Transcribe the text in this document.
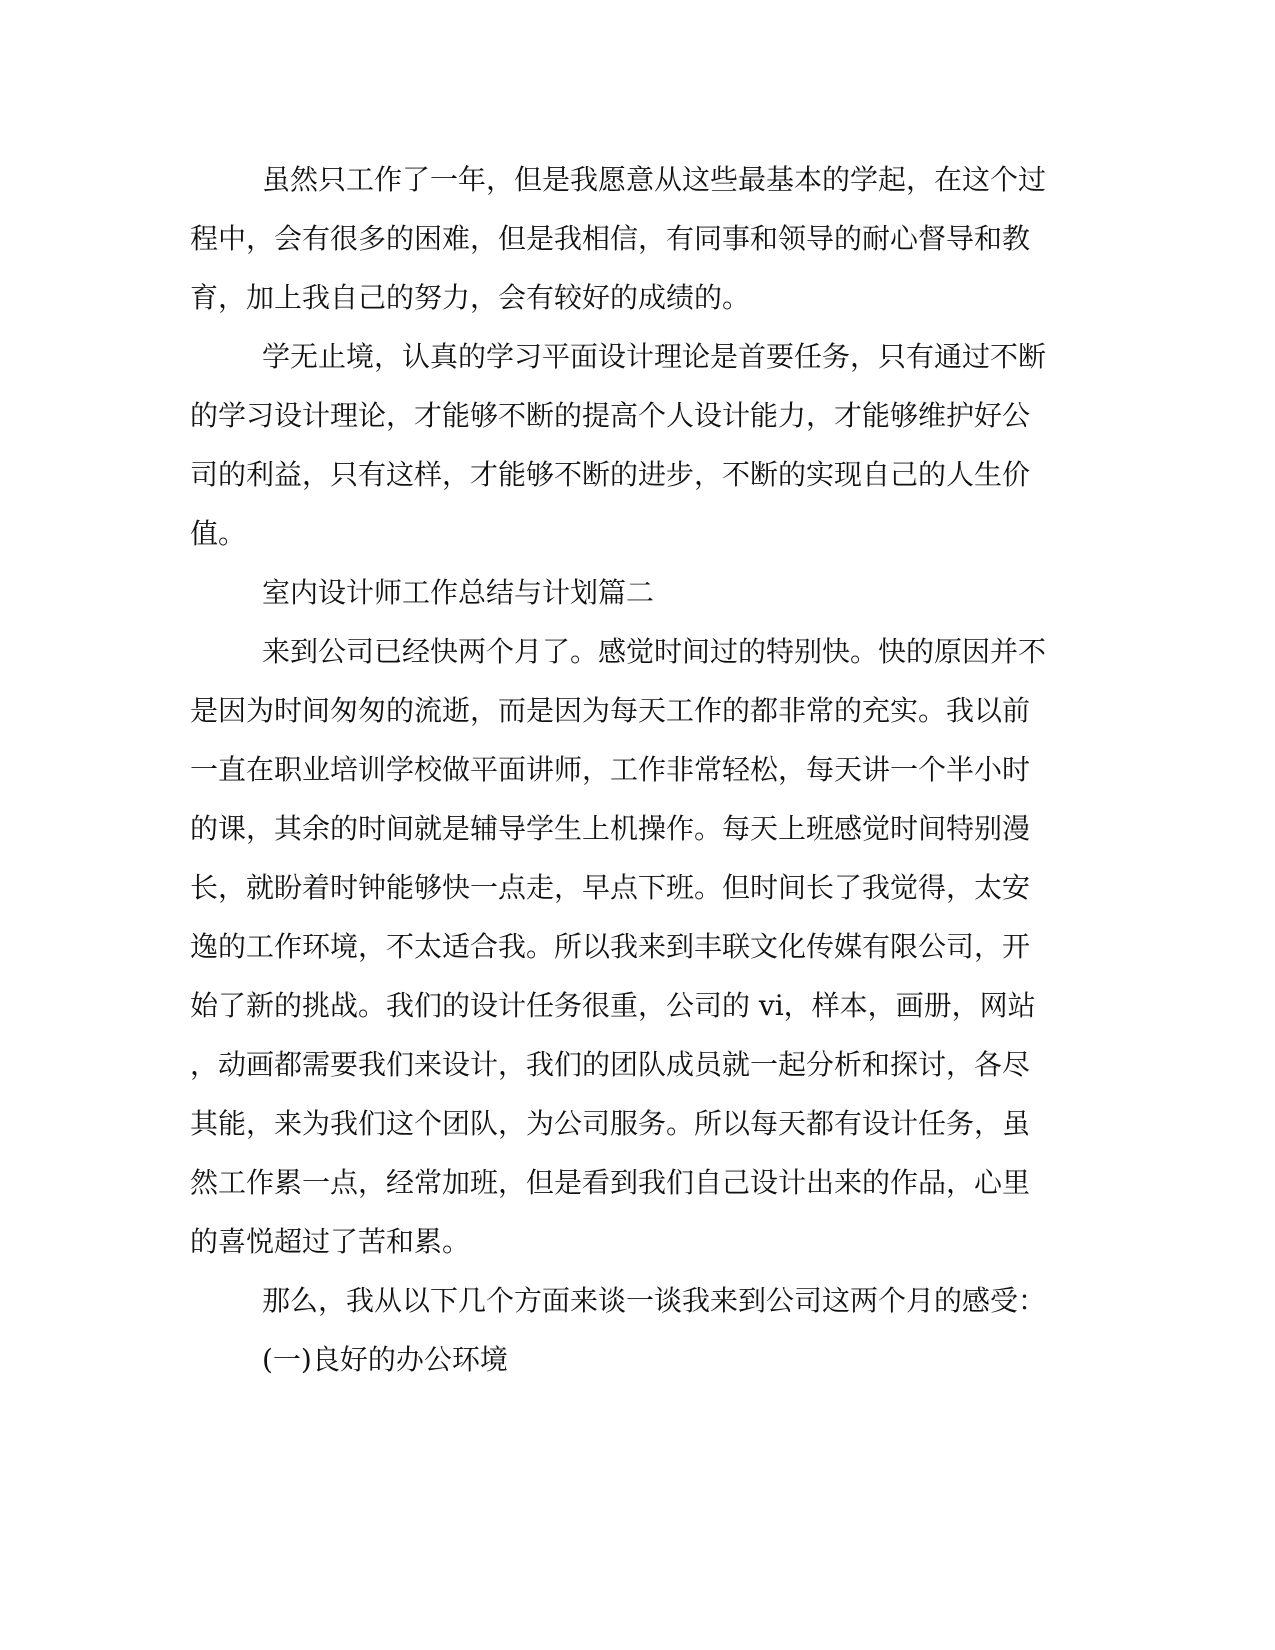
虽然只工作了一年，但是我愿意从这些最基本的学起，在这个过
程中，会有很多的困难，但是我相信，有同事和领导的耐心督导和教
育，加上我自己的努力，会有较好的成绩的。
学无止境，认真的学习平面设计理论是首要任务，只有通过不断
的学习设计理论，才能够不断的提高个人设计能力，才能够维护好公
司的利益，只有这样，才能够不断的进步，不断的实现自己的人生价
值。
室内设计师工作总结与计划篇二
来到公司已经快两个月了。感觉时间过的特别快。快的原因并不
是因为时间匆匆的流逝，而是因为每天工作的都非常的充实。我以前
一直在职业培训学校做平面讲师，工作非常轻松，每天讲一个半小时
的课，其余的时间就是辅导学生上机操作。每天上班感觉时间特别漫
长，就盼着时钟能够快一点走，早点下班。但时间长了我觉得，太安
逸的工作环境，不太适合我。所以我来到丰联文化传媒有限公司，开
始了新的挑战。我们的设计任务很重，公司的 vi，样本，画册，网站
，动画都需要我们来设计，我们的团队成员就一起分析和探讨，各尽
其能，来为我们这个团队，为公司服务。所以每天都有设计任务，虽
然工作累一点，经常加班，但是看到我们自己设计出来的作品，心里
的喜悦超过了苦和累。
那么，我从以下几个方面来谈一谈我来到公司这两个月的感受：
(一)良好的办公环境
